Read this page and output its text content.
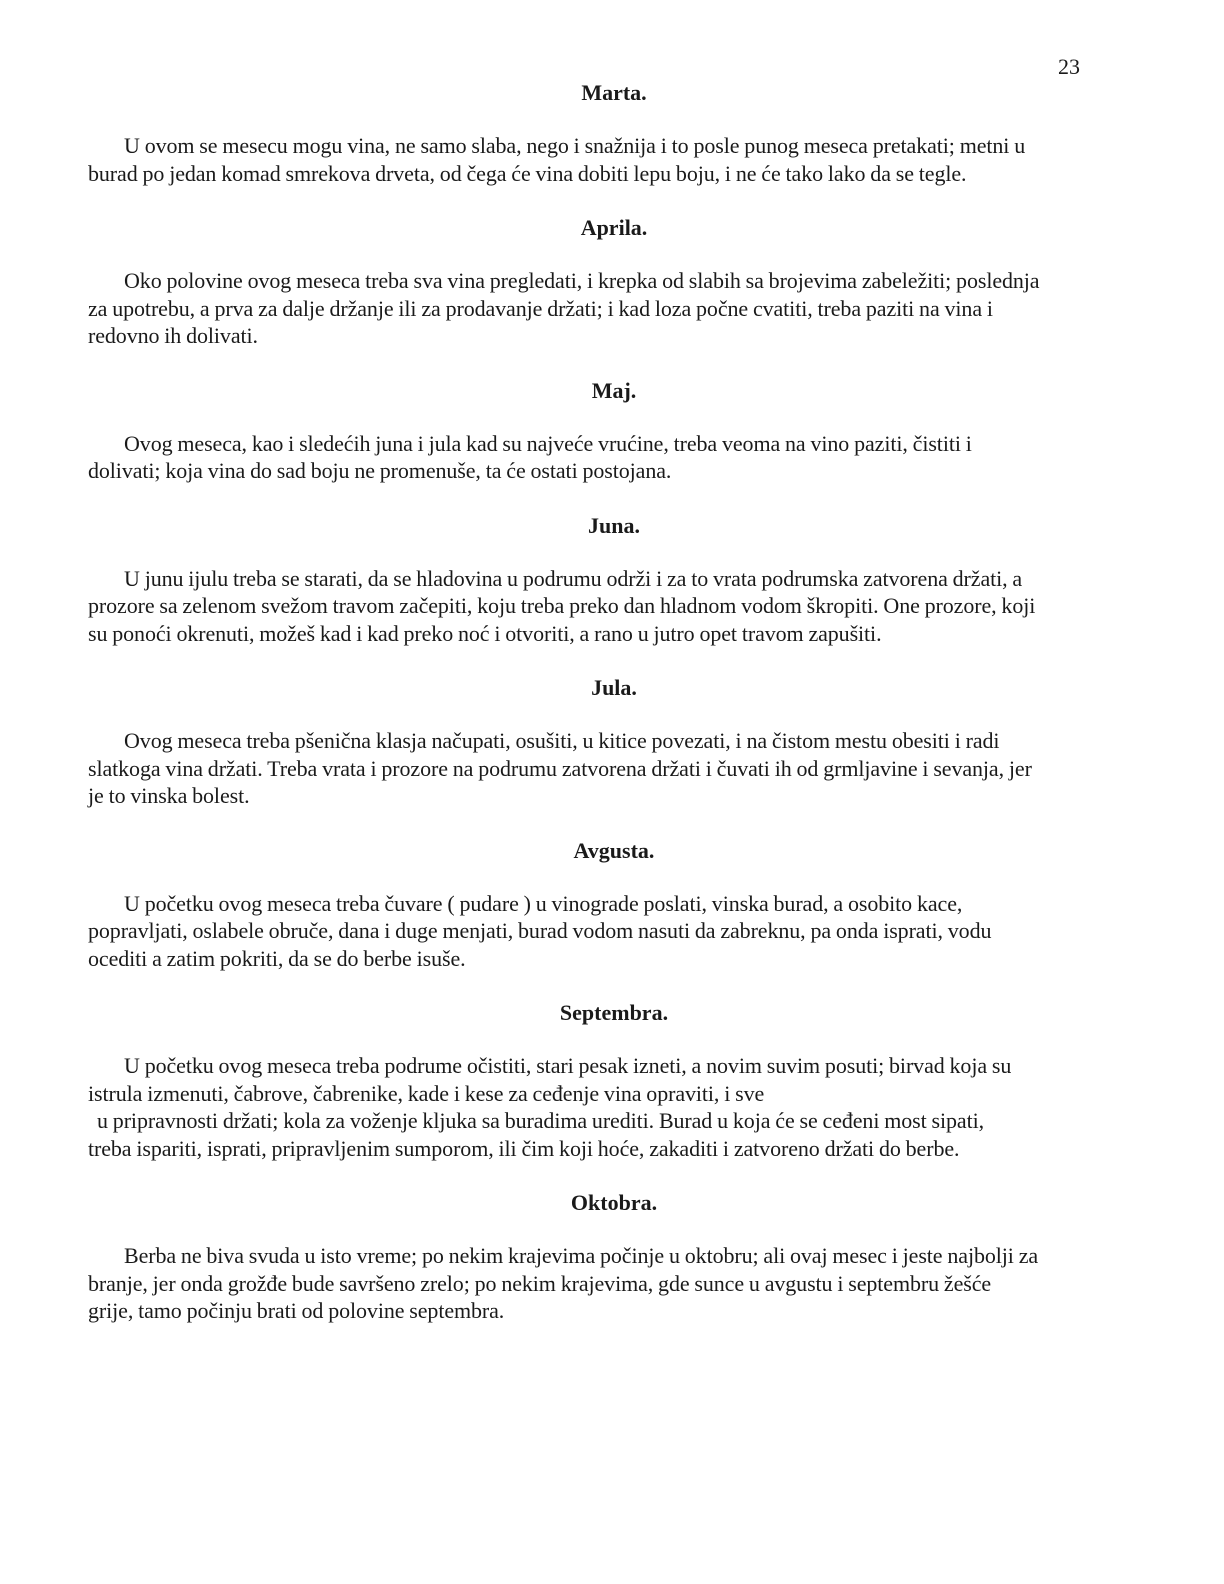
23
Marta.
U ovom se mesecu mogu vina, ne samo slaba, nego i snažnija i to posle punog meseca pretakati; metni u
burad po jedan komad smrekova drveta, od čega će vina dobiti lepu boju, i ne će tako lako da se tegle.
Aprila.
Oko polovine ovog meseca treba sva vina pregledati, i krepka od slabih sa brojevima zabeležiti; poslednja
za upotrebu, a prva za dalje držanje ili za prodavanje držati; i kad loza počne cvatiti, treba paziti na vina i
redovno ih dolivati.
Maj.
Ovog meseca, kao i sledećih juna i jula kad su najveće vrućine, treba veoma na vino paziti, čistiti i
dolivati; koja vina do sad boju ne promenuše, ta će ostati postojana.
Juna.
U junu ijulu treba se starati, da se hladovina u podrumu održi i za to vrata podrumska zatvorena držati, a
prozore sa zelenom svežom travom začepiti, koju treba preko dan hladnom vodom škropiti. One prozore, koji
su ponoći okrenuti, možeš kad i kad preko noć i otvoriti, a rano u jutro opet travom zapušiti.
Jula.
Ovog meseca treba pšenična klasja načupati, osušiti, u kitice povezati, i na čistom mestu obesiti i radi
slatkoga vina držati. Treba vrata i prozore na podrumu zatvorena držati i čuvati ih od grmljavine i sevanja, jer
je to vinska bolest.
Avgusta.
U početku ovog meseca treba čuvare ( pudare ) u vinograde poslati, vinska burad, a osobito kace,
popravljati, oslabele obruče, dana i duge menjati, burad vodom nasuti da zabreknu, pa onda isprati, vodu
ocediti a zatim pokriti, da se do berbe isuše.
Septembra.
U početku ovog meseca treba podrume očistiti, stari pesak izneti, a novim suvim posuti; birvad koja su
istrula izmenuti, čabrove, čabrenike, kade i kese za ceđenje vina opraviti, i sve
u pripravnosti držati; kola za voženje kljuka sa buradima urediti. Burad u koja će se ceđeni most sipati,
treba ispariti, isprati, pripravljenim sumporom, ili čim koji hoće, zakaditi i zatvoreno držati do berbe.
Oktobra.
Berba ne biva svuda u isto vreme; po nekim krajevima počinje u oktobru; ali ovaj mesec i jeste najbolji za
branje, jer onda grožđe bude savršeno zrelo; po nekim krajevima, gde sunce u avgustu i septembru žešće
grije, tamo počinju brati od polovine septembra.
